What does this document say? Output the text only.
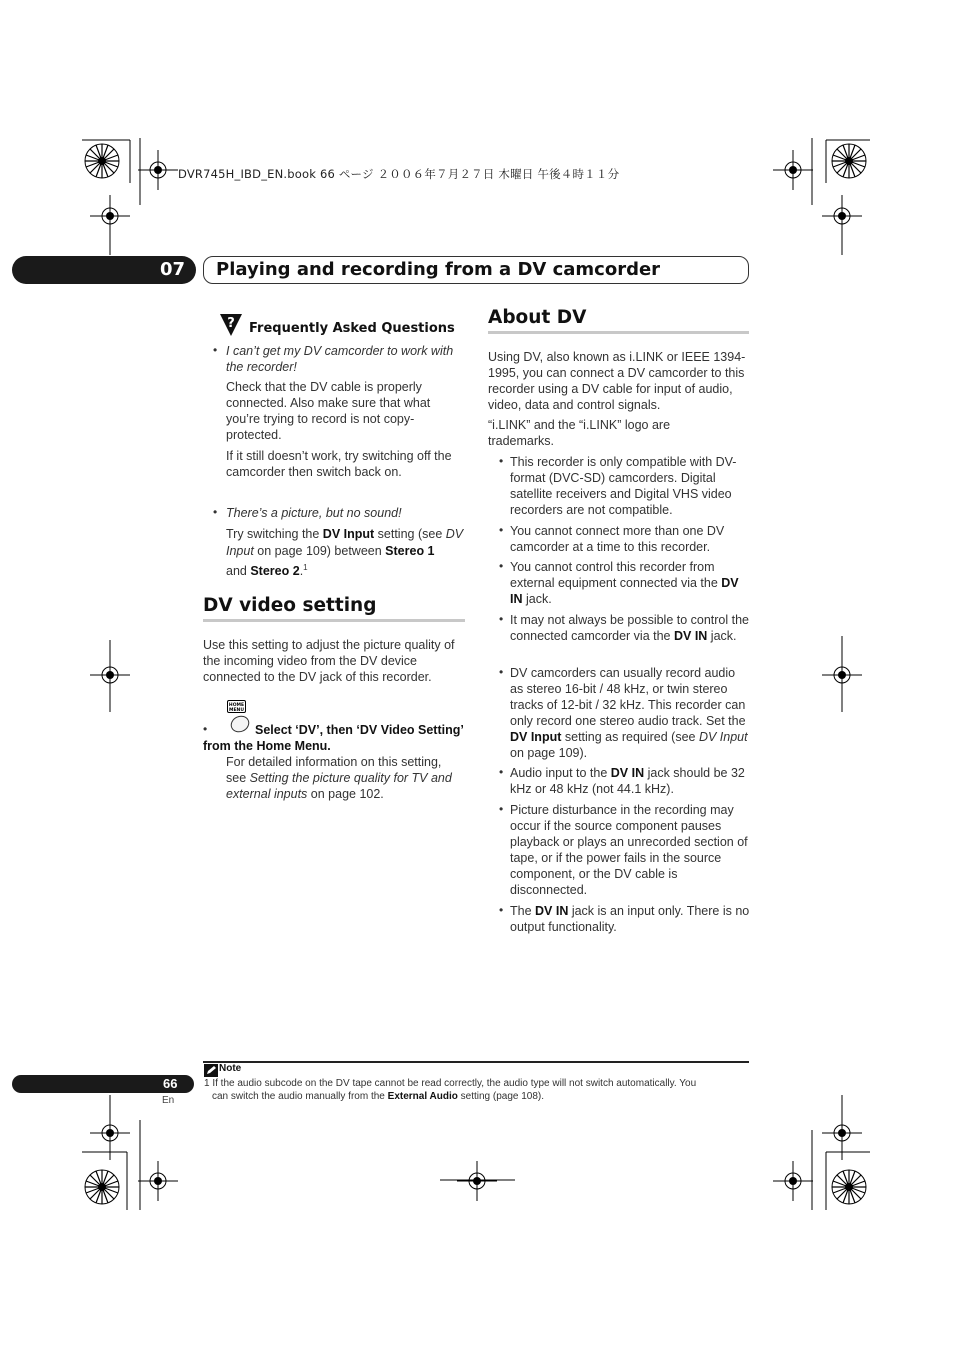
DVR745H_IBD_EN.book 66 ページ ２００６年７月２７日 木曜日 午後４時１１分
07 Playing and recording from a DV camcorder
? Frequently Asked Questions
• I can’t get my DV camcorder to work with the recorder!
Check that the DV cable is properly connected. Also make sure that what you’re trying to record is not copy-protected.
If it still doesn’t work, try switching off the camcorder then switch back on.
• There’s a picture, but no sound!
Try switching the DV Input setting (see DV Input on page 109) between Stereo 1
and Stereo 2.$^1$
DV video setting
Use this setting to adjust the picture quality of the incoming video from the DV device connected to the DV jack of this recorder.
HOME
MENU
•	Select ‘DV’, then ‘DV Video Setting’ from the Home Menu.
For detailed information on this setting, see Setting the picture quality for TV and external inputs on page 102.
About DV
Using DV, also known as i.LINK or IEEE 1394-1995, you can connect a DV camcorder to this recorder using a DV cable for input of audio, video, data and control signals.
“i.LINK” and the “i.LINK” logo are trademarks.
• This recorder is only compatible with DV-format (DVC-SD) camcorders. Digital satellite receivers and Digital VHS video recorders are not compatible.
• You cannot connect more than one DV camcorder at a time to this recorder.
• You cannot control this recorder from external equipment connected via the DV IN jack.
• It may not always be possible to control the connected camcorder via the DV IN jack.
• DV camcorders can usually record audio as stereo 16-bit / 48 kHz, or twin stereo tracks of 12-bit / 32 kHz. This recorder can only record one stereo audio track. Set the DV Input setting as required (see DV Input on page 109).
• Audio input to the DV IN jack should be 32 kHz or 48 kHz (not 44.1 kHz).
• Picture disturbance in the recording may occur if the source component pauses playback or plays an unrecorded section of tape, or if the power fails in the source component, or the DV cable is disconnected.
• The DV IN jack is an input only. There is no output functionality.
Note
1 If the audio subcode on the DV tape cannot be read correctly, the audio type will not switch automatically. You
can switch the audio manually from the External Audio setting (page 108).
66
En
